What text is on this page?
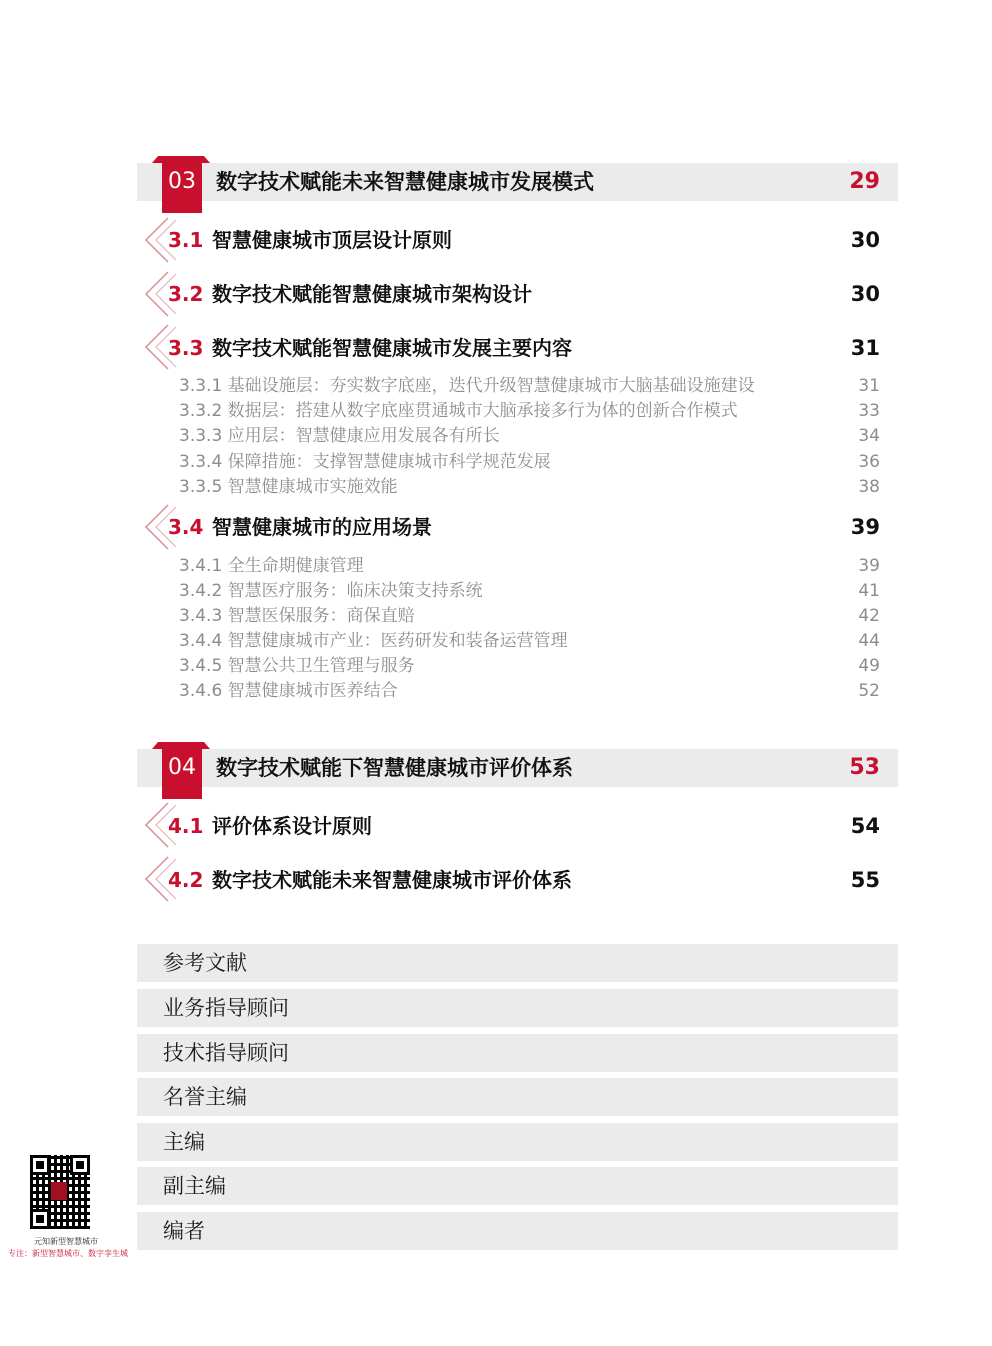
03 数字技术赋能未来智慧健康城市发展模式	29
3.1 智慧健康城市顶层设计原则	30
3.2 数字技术赋能智慧健康城市架构设计	30
3.3 数字技术赋能智慧健康城市发展主要内容	31
3.3.1 基础设施层：夯实数字底座，迭代升级智慧健康城市大脑基础设施建设	31
3.3.2 数据层：搭建从数字底座贯通城市大脑承接多行为体的创新合作模式	33
3.3.3 应用层：智慧健康应用发展各有所长	34
3.3.4 保障措施：支撑智慧健康城市科学规范发展	36
3.3.5 智慧健康城市实施效能	38
3.4 智慧健康城市的应用场景	39
3.4.1 全生命期健康管理	39
3.4.2 智慧医疗服务：临床决策支持系统	41
3.4.3 智慧医保服务：商保直赔	42
3.4.4 智慧健康城市产业：医药研发和装备运营管理	44
3.4.5 智慧公共卫生管理与服务	49
3.4.6 智慧健康城市医养结合	52
04 数字技术赋能下智慧健康城市评价体系	53
4.1 评价体系设计原则	54
4.2 数字技术赋能未来智慧健康城市评价体系	55
参考文献
业务指导顾问
技术指导顾问
名誉主编
主编
副主编
编者
元知新型智慧城市
专注：新型智慧城市、数字孪生城
